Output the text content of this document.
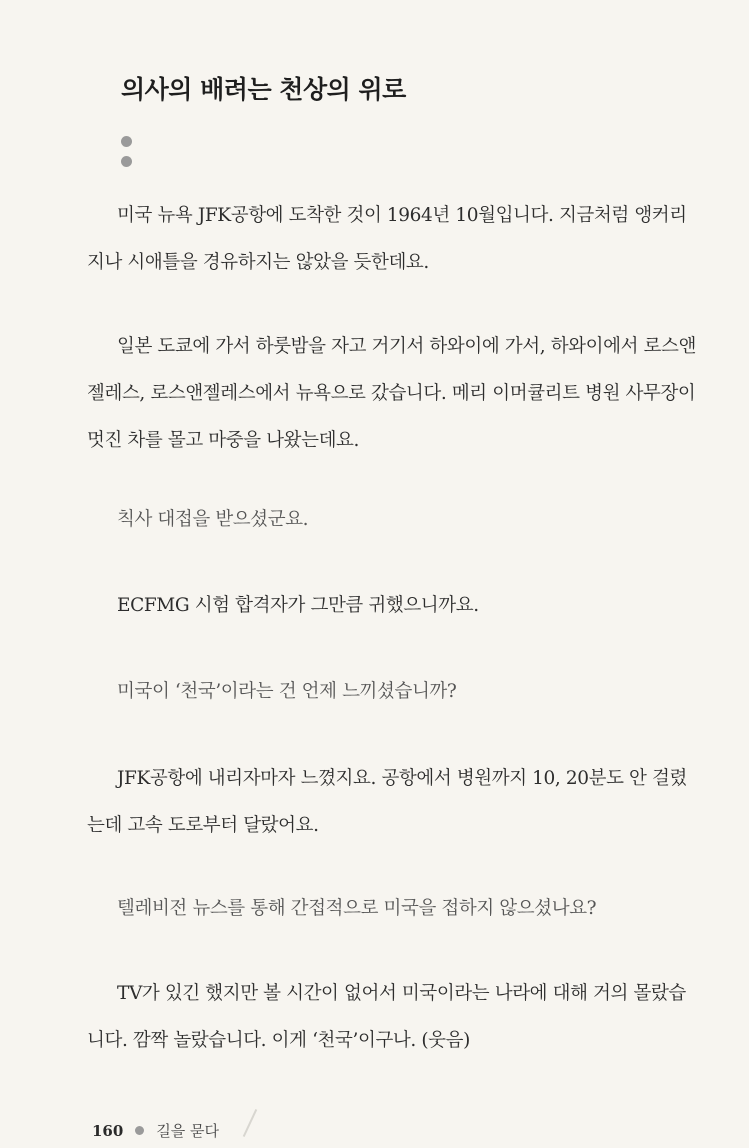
의사의 배려는 천상의 위로

미국 뉴욕 JFK공항에 도착한 것이 1964년 10월입니다. 지금처럼 앵커리지나 시애틀을 경유하지는 않았을 듯한데요.

일본 도쿄에 가서 하룻밤을 자고 거기서 하와이에 가서, 하와이에서 로스앤젤레스, 로스앤젤레스에서 뉴욕으로 갔습니다. 메리 이머큘리트 병원 사무장이 멋진 차를 몰고 마중을 나왔는데요.

칙사 대접을 받으셨군요.

ECFMG 시험 합격자가 그만큼 귀했으니까요.

미국이 ‘천국’이라는 건 언제 느끼셨습니까?

JFK공항에 내리자마자 느꼈지요. 공항에서 병원까지 10, 20분도 안 걸렸는데 고속 도로부터 달랐어요.

텔레비전 뉴스를 통해 간접적으로 미국을 접하지 않으셨나요?

TV가 있긴 했지만 볼 시간이 없어서 미국이라는 나라에 대해 거의 몰랐습니다. 깜짝 놀랐습니다. 이게 ‘천국’이구나. (웃음)

160 길을 묻다
